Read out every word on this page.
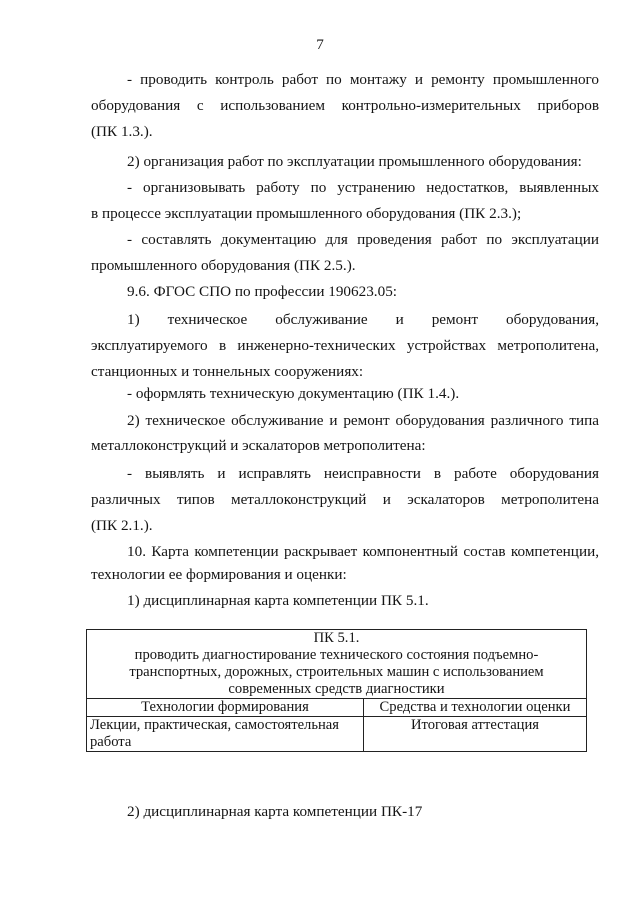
7
- проводить контроль работ по монтажу и ремонту промышленного
оборудования с использованием контрольно-измерительных приборов
(ПК 1.3.).
2) организация работ по эксплуатации промышленного оборудования:
- организовывать работу по устранению недостатков, выявленных
в процессе эксплуатации промышленного оборудования (ПК 2.3.);
- составлять документацию для проведения работ по эксплуатации
промышленного оборудования (ПК 2.5.).
9.6. ФГОС СПО по профессии 190623.05:
1) техническое обслуживание и ремонт оборудования,
эксплуатируемого в инженерно-технических устройствах метрополитена,
станционных и тоннельных сооружениях:
- оформлять техническую документацию (ПК 1.4.).
2) техническое обслуживание и ремонт оборудования различного типа
металлоконструкций и эскалаторов метрополитена:
- выявлять и исправлять неисправности в работе оборудования
различных типов металлоконструкций и эскалаторов метрополитена
(ПК 2.1.).
10. Карта компетенции раскрывает компонентный состав компетенции,
технологии ее формирования и оценки:
1) дисциплинарная карта компетенции ПК 5.1.
ПК 5.1.
проводить диагностирование технического состояния подъемно-
транспортных, дорожных, строительных машин с использованием
современных средств диагностики	

Технологии формирования	Средства и технологии оценки

Лекции, практическая, самостоятельная
работа	Итоговая аттестация
2) дисциплинарная карта компетенции ПК-17
